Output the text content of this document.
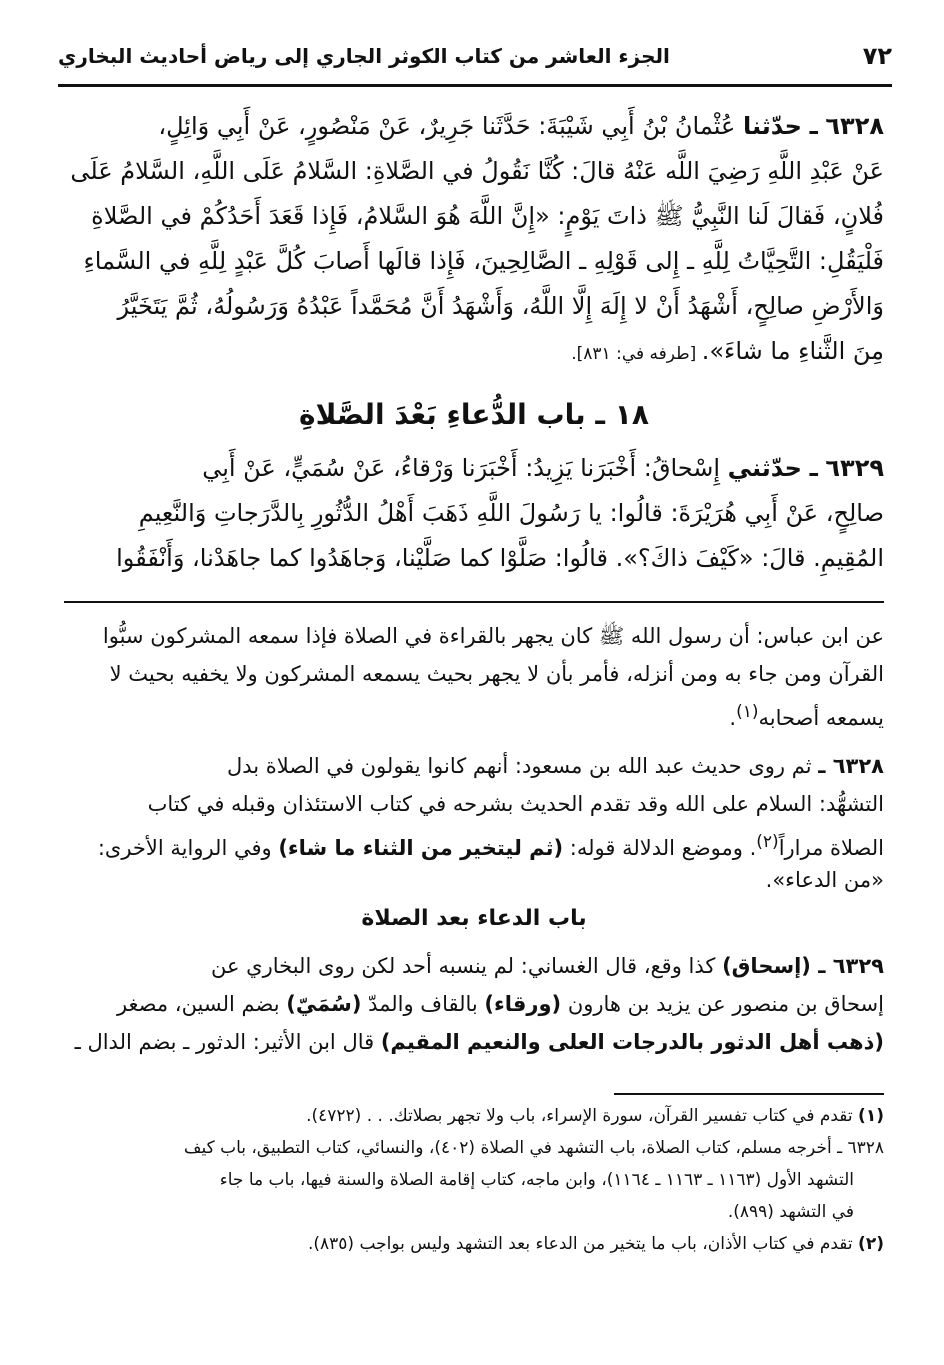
٧٢
الجزء العاشر من كتاب الكوثر الجاري إلى رياض أحاديث البخاري
٦٣٢٨ ـ حدّثنا عُثْمانُ بْنُ أَبِي شَيْبَةَ: حَدَّثَنا جَرِيرٌ، عَنْ مَنْصُورٍ، عَنْ أَبِي وَائِلٍ،
عَنْ عَبْدِ اللَّهِ رَضِيَ اللَّه عَنْهُ قالَ: كُنَّا نَقُولُ في الصَّلاةِ: السَّلامُ عَلَى اللَّهِ، السَّلامُ عَلَى
فُلانٍ، فَقالَ لَنا النَّبِيُّ ﷺ ذاتَ يَوْمٍ: «إِنَّ اللَّهَ هُوَ السَّلامُ، فَإِذا قَعَدَ أَحَدُكُمْ في الصَّلاةِ
فَلْيَقُلِ: التَّحِيَّاتُ لِلَّهِ ـ إِلى قَوْلِهِ ـ الصَّالِحِينَ، فَإِذا قالَها أَصابَ كُلَّ عَبْدٍ لِلَّهِ في السَّماءِ
وَالأَرْضِ صالِحٍ، أَشْهَدُ أَنْ لا إِلَهَ إِلَّا اللَّهُ، وَأَشْهَدُ أَنَّ مُحَمَّداً عَبْدُهُ وَرَسُولُهُ، ثُمَّ يَتَخَيَّرُ
مِنَ الثَّناءِ ما شاءَ». [طرفه في: ٨٣١].
١٨ ـ باب الدُّعاءِ بَعْدَ الصَّلاةِ
٦٣٢٩ ـ حدّثني إِسْحاقُ: أَخْبَرَنا يَزِيدُ: أَخْبَرَنا وَرْقاءُ، عَنْ سُمَيٍّ، عَنْ أَبِي
صالِحٍ، عَنْ أَبِي هُرَيْرَةَ: قالُوا: يا رَسُولَ اللَّهِ ذَهَبَ أَهْلُ الدُّثُورِ بِالدَّرَجاتِ وَالنَّعِيمِ
المُقِيمِ. قالَ: «كَيْفَ ذاكَ؟». قالُوا: صَلَّوْا كما صَلَّيْنا، وَجاهَدُوا كما جاهَدْنا، وَأَنْفَقُوا
عن ابن عباس: أن رسول الله ﷺ كان يجهر بالقراءة في الصلاة فإذا سمعه المشركون سبُّوا
القرآن ومن جاء به ومن أنزله، فأمر بأن لا يجهر بحيث يسمعه المشركون ولا يخفيه بحيث لا
يسمعه أصحابه$^{(١)}$.
٦٣٢٨ ـ ثم روى حديث عبد الله بن مسعود: أنهم كانوا يقولون في الصلاة بدل
التشهُّد: السلام على الله وقد تقدم الحديث بشرحه في كتاب الاستئذان وقبله في كتاب
الصلاة مراراً$^{(٢)}$. وموضع الدلالة قوله: (ثم ليتخير من الثناء ما شاء) وفي الرواية الأخرى:
«من الدعاء».
باب الدعاء بعد الصلاة
٦٣٢٩ ـ (إسحاق) كذا وقع، قال الغساني: لم ينسبه أحد لكن روى البخاري عن
إسحاق بن منصور عن يزيد بن هارون (ورقاء) بالقاف والمدّ (سُمَيّ) بضم السين، مصغر
(ذهب أهل الدثور بالدرجات العلى والنعيم المقيم) قال ابن الأثير: الدثور ـ بضم الدال ـ
(١) تقدم في كتاب تفسير القرآن، سورة الإسراء، باب ولا تجهر بصلاتك. . . (٤٧٢٢).
٦٣٢٨ ـ أخرجه مسلم، كتاب الصلاة، باب التشهد في الصلاة (٤٠٢)، والنسائي، كتاب التطبيق، باب كيف
التشهد الأول (١١٦٣ ـ ١١٦٣ ـ ١١٦٤)، وابن ماجه، كتاب إقامة الصلاة والسنة فيها، باب ما جاء
في التشهد (٨٩٩).
(٢) تقدم في كتاب الأذان، باب ما يتخير من الدعاء بعد التشهد وليس بواجب (٨٣٥).
